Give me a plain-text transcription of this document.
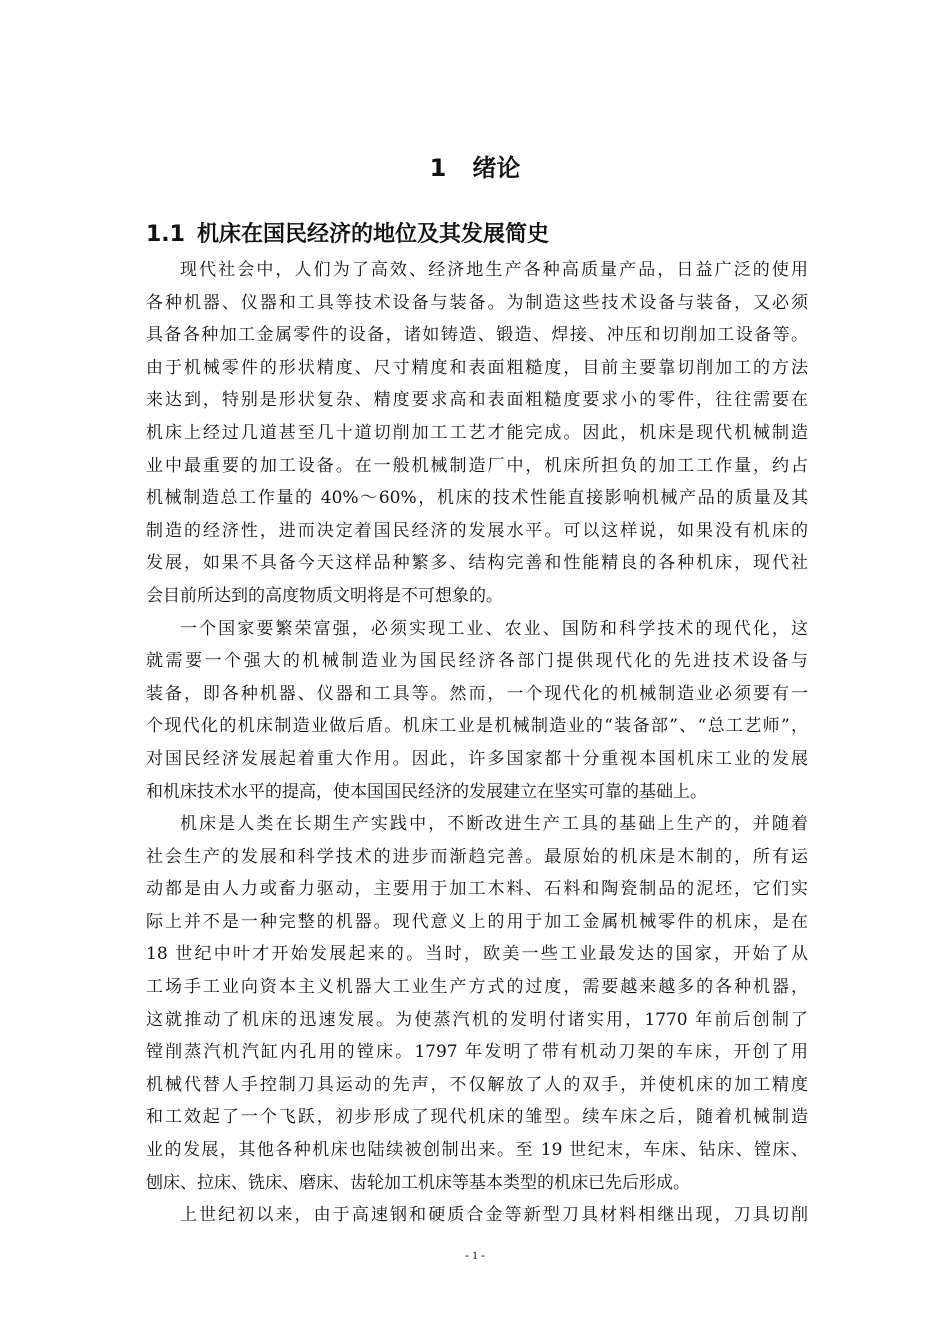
1 绪论
1.1 机床在国民经济的地位及其发展简史
现代社会中，人们为了高效、经济地生产各种高质量产品，日益广泛的使用
各种机器、仪器和工具等技术设备与装备。为制造这些技术设备与装备，又必须
具备各种加工金属零件的设备，诸如铸造、锻造、焊接、冲压和切削加工设备等。
由于机械零件的形状精度、尺寸精度和表面粗糙度，目前主要靠切削加工的方法
来达到，特别是形状复杂、精度要求高和表面粗糙度要求小的零件，往往需要在
机床上经过几道甚至几十道切削加工工艺才能完成。因此，机床是现代机械制造
业中最重要的加工设备。在一般机械制造厂中，机床所担负的加工工作量，约占
机械制造总工作量的 40%～60%，机床的技术性能直接影响机械产品的质量及其
制造的经济性，进而决定着国民经济的发展水平。可以这样说，如果没有机床的
发展，如果不具备今天这样品种繁多、结构完善和性能精良的各种机床，现代社
会目前所达到的高度物质文明将是不可想象的。
一个国家要繁荣富强，必须实现工业、农业、国防和科学技术的现代化，这
就需要一个强大的机械制造业为国民经济各部门提供现代化的先进技术设备与
装备，即各种机器、仪器和工具等。然而，一个现代化的机械制造业必须要有一
个现代化的机床制造业做后盾。机床工业是机械制造业的“装备部”、“总工艺师”，
对国民经济发展起着重大作用。因此，许多国家都十分重视本国机床工业的发展
和机床技术水平的提高，使本国国民经济的发展建立在坚实可靠的基础上。
机床是人类在长期生产实践中，不断改进生产工具的基础上生产的，并随着
社会生产的发展和科学技术的进步而渐趋完善。最原始的机床是木制的，所有运
动都是由人力或畜力驱动，主要用于加工木料、石料和陶瓷制品的泥坯，它们实
际上并不是一种完整的机器。现代意义上的用于加工金属机械零件的机床，是在
18 世纪中叶才开始发展起来的。当时，欧美一些工业最发达的国家，开始了从
工场手工业向资本主义机器大工业生产方式的过度，需要越来越多的各种机器，
这就推动了机床的迅速发展。为使蒸汽机的发明付诸实用，1770 年前后创制了
镗削蒸汽机汽缸内孔用的镗床。1797 年发明了带有机动刀架的车床，开创了用
机械代替人手控制刀具运动的先声，不仅解放了人的双手，并使机床的加工精度
和工效起了一个飞跃，初步形成了现代机床的雏型。续车床之后，随着机械制造
业的发展，其他各种机床也陆续被创制出来。至 19 世纪末，车床、钻床、镗床、
刨床、拉床、铣床、磨床、齿轮加工机床等基本类型的机床已先后形成。
上世纪初以来，由于高速钢和硬质合金等新型刀具材料相继出现，刀具切削
- 1 -
